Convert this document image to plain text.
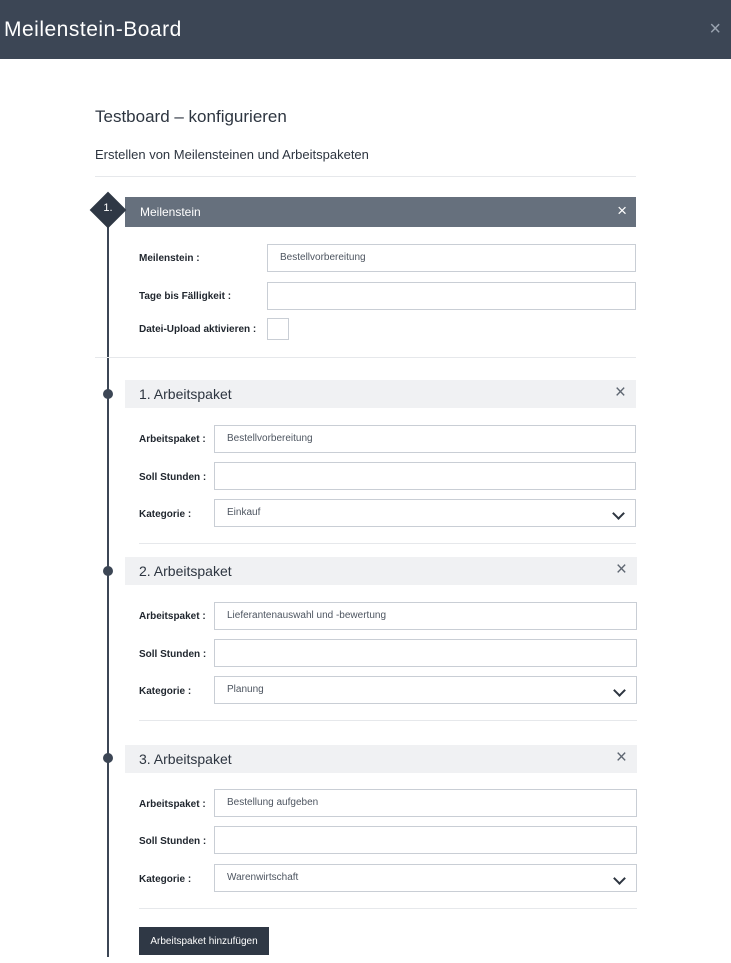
Meilenstein-Board	×
Testboard – konfigurieren
Erstellen von Meilensteinen und Arbeitspaketen
Meilenstein	×
1.
Meilenstein :	Bestellvorbereitung
Tage bis Fälligkeit :
Datei-Upload aktivieren :
1. Arbeitspaket	×
Arbeitspaket :	Bestellvorbereitung
Soll Stunden :
Kategorie :	Einkauf
2. Arbeitspaket	×
Arbeitspaket :	Lieferantenauswahl und -bewertung
Soll Stunden :
Kategorie :	Planung
3. Arbeitspaket	×
Arbeitspaket :	Bestellung aufgeben
Soll Stunden :
Kategorie :	Warenwirtschaft
Arbeitspaket hinzufügen
